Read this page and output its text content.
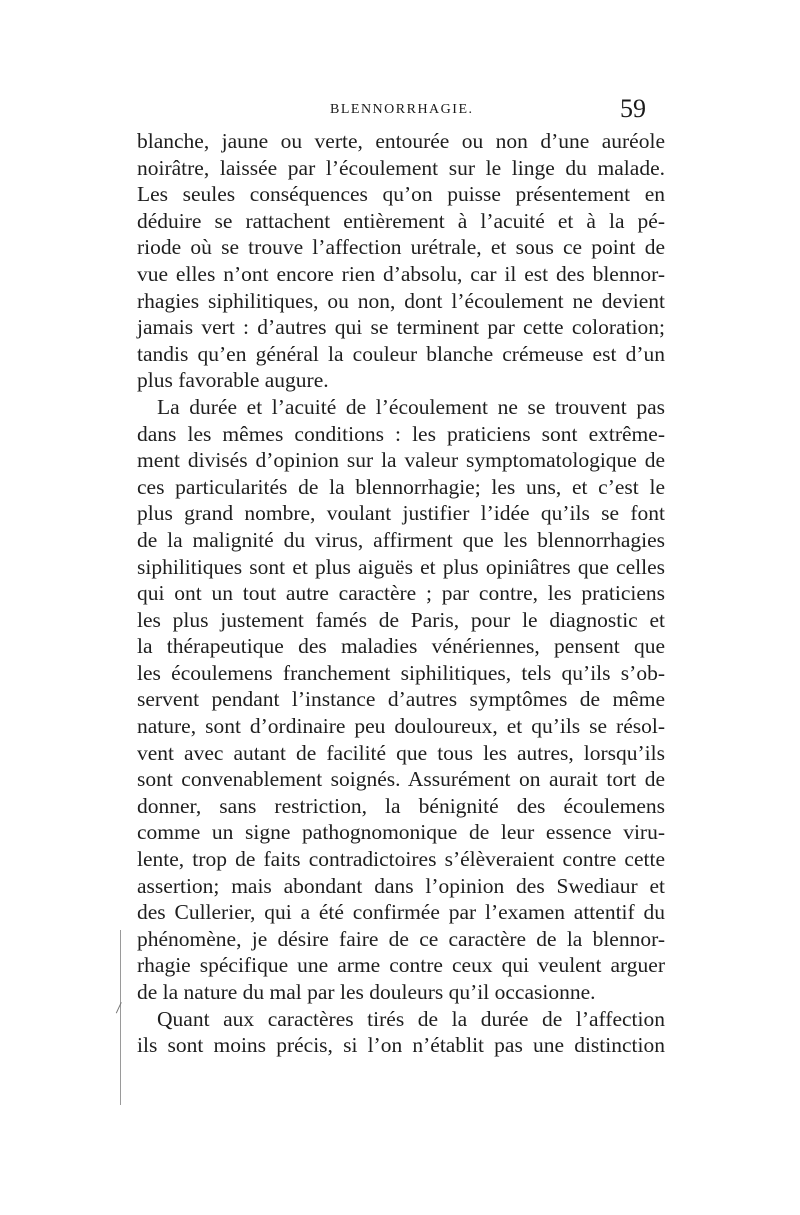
BLENNORRHAGIE.	59
blanche, jaune ou verte, entourée ou non d’une auréole
noirâtre, laissée par l’écoulement sur le linge du malade.
Les seules conséquences qu’on puisse présentement en
déduire se rattachent entièrement à l’acuité et à la pé-
riode où se trouve l’affection urétrale, et sous ce point de
vue elles n’ont encore rien d’absolu, car il est des blennor-
rhagies siphilitiques, ou non, dont l’écoulement ne devient
jamais vert : d’autres qui se terminent par cette coloration;
tandis qu’en général la couleur blanche crémeuse est d’un
plus favorable augure.
La durée et l’acuité de l’écoulement ne se trouvent pas
dans les mêmes conditions : les praticiens sont extrême-
ment divisés d’opinion sur la valeur symptomatologique de
ces particularités de la blennorrhagie; les uns, et c’est le
plus grand nombre, voulant justifier l’idée qu’ils se font
de la malignité du virus, affirment que les blennorrhagies
siphilitiques sont et plus aiguës et plus opiniâtres que celles
qui ont un tout autre caractère ; par contre, les praticiens
les plus justement famés de Paris, pour le diagnostic et
la thérapeutique des maladies vénériennes, pensent que
les écoulemens franchement siphilitiques, tels qu’ils s’ob-
servent pendant l’instance d’autres symptômes de même
nature, sont d’ordinaire peu douloureux, et qu’ils se résol-
vent avec autant de facilité que tous les autres, lorsqu’ils
sont convenablement soignés. Assurément on aurait tort de
donner, sans restriction, la bénignité des écoulemens
comme un signe pathognomonique de leur essence viru-
lente, trop de faits contradictoires s’élèveraient contre cette
assertion; mais abondant dans l’opinion des Swediaur et
des Cullerier, qui a été confirmée par l’examen attentif du
phénomène, je désire faire de ce caractère de la blennor-
rhagie spécifique une arme contre ceux qui veulent arguer
de la nature du mal par les douleurs qu’il occasionne.
Quant aux caractères tirés de la durée de l’affection
ils sont moins précis, si l’on n’établit pas une distinction
